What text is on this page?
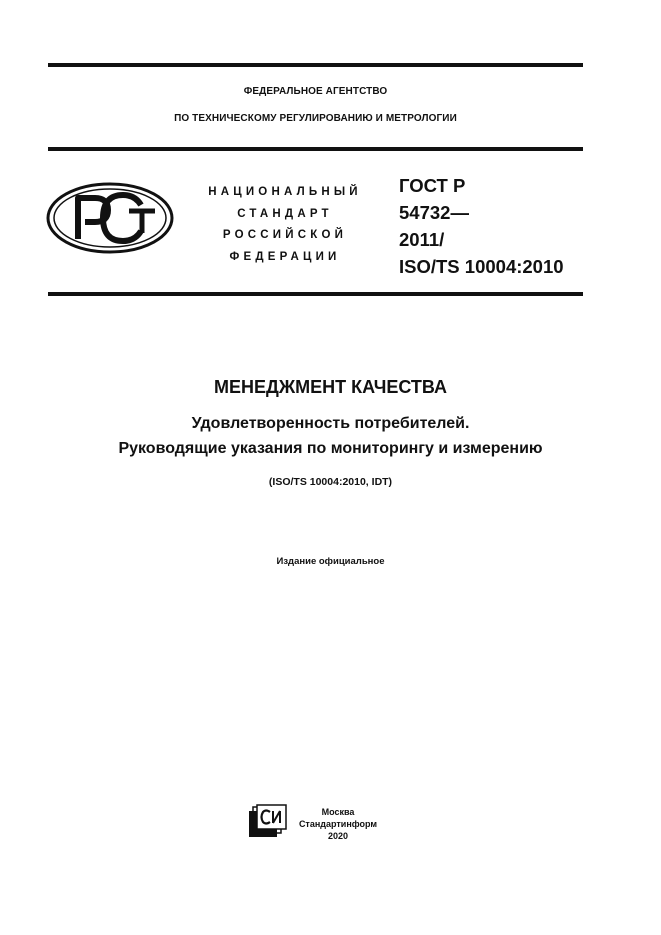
ФЕДЕРАЛЬНОЕ АГЕНТСТВО
ПО ТЕХНИЧЕСКОМУ РЕГУЛИРОВАНИЮ И МЕТРОЛОГИИ
НАЦИОНАЛЬНЫЙ
СТАНДАРТ
РОССИЙСКОЙ
ФЕДЕРАЦИИ
ГОСТ Р
54732—
2011/
ISO/TS 10004:2010
МЕНЕДЖМЕНТ КАЧЕСТВА
Удовлетворенность потребителей.
Руководящие указания по мониторингу и измерению
(ISO/TS 10004:2010, IDT)
Издание официальное
Москва
Стандартинформ
2020
